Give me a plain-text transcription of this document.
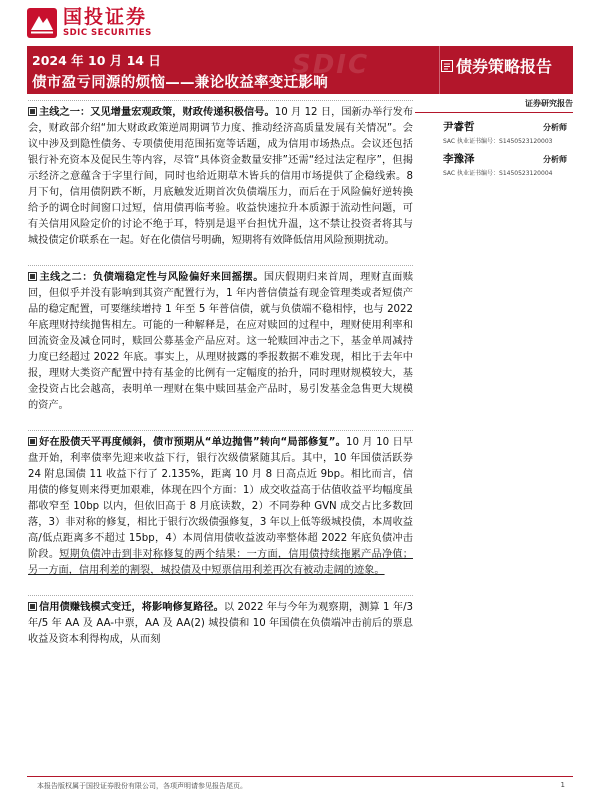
国投证券
SDIC SECURITIES
SDIC
2024 年 10 月 14 日
债市盈亏同源的烦恼——兼论收益率变迁影响
债券策略报告
证券研究报告
尹睿哲	分析师
SAC 执业证书编号：S1450523120003
李豫泽	分析师
SAC 执业证书编号：S1450523120004

主线之一：又见增量宏观政策，财政传递积极信号。10 月 12 日，国新办举行发布会，财政部介绍“加大财政政策逆周期调节力度、推动经济高质量发展有关情况”。会议中涉及到隐性债务、专项债使用范围拓宽等话题，成为信用市场热点。会议还包括银行补充资本及促民生等内容，尽管“具体资金数量安排”还需“经过法定程序”，但揭示经济之意蕴含于字里行间，同时也给近期草木皆兵的信用市场提供了企稳线索。8 月下旬，信用债阴跌不断，月底触发近期首次负债端压力，而后在于风险偏好逆转换给予的调仓时间窗口过短，信用债再临考验。收益快速拉升本质源于流动性问题，可有关信用风险定价的讨论不绝于耳，特别是退平台担忧升温，这不禁让投资者将其与城投债定价联系在一起。好在化债信号明确，短期将有效降低信用风险预期扰动。

主线之二：负债端稳定性与风险偏好来回摇摆。国庆假期归来首周，理财直面赎回，但似乎并没有影响到其资产配置行为，1 年内普信债益有现金管理类或者短债产品的稳定配置，可要继续增持 1 年至 5 年普信债，就与负债端不稳相悖，也与 2022 年底理财持续抛售相左。可能的一种解释是，在应对赎回的过程中，理财使用利率和回流资金及减仓同时，赎回公募基金产品应对。这一轮赎回冲击之下，基金单周减持力度已经超过 2022 年底。事实上，从理财披露的季报数据不难发现，相比于去年中报，理财大类资产配置中持有基金的比例有一定幅度的抬升，同时理财规模较大，基金投资占比会越高，表明单一理财在集中赎回基金产品时，易引发基金急售更大规模的资产。

好在股债天平再度倾斜，债市预期从“单边抛售”转向“局部修复”。10 月 10 日早盘开始，利率债率先迎来收益下行，银行次级债紧随其后。其中，10 年国债活跃券 24 附息国债 11 收益下行了 2.135%，距离 10 月 8 日高点近 9bp。相比而言，信用债的修复则来得更加艰难，体现在四个方面：1）成交收益高于估值收益平均幅度虽都收窄至 10bp 以内，但依旧高于 8 月底读数，2）不同券种 GVN 成交占比多数回落，3）非对称的修复，相比于银行次级债强修复，3 年以上低等级城投债，本周收益高/低点距离多不超过 15bp，4）本周信用债收益波动率整体超 2022 年底负债冲击阶段。短期负债冲击到非对称修复的两个结果：一方面，信用债持续拖累产品净值；另一方面，信用利差的割裂，城投债及中短票信用利差再次有被动走阔的迹象。

信用债赚钱模式变迁，将影响修复路径。以 2022 年与今年为观察期，测算 1 年/3 年/5 年 AA 及 AA-中票，AA 及 AA(2) 城投债和 10 年国债在负债端冲击前后的票息收益及资本利得构成，从而刻

本报告版权属于国投证券股份有限公司，各项声明请参见报告尾页。	1
